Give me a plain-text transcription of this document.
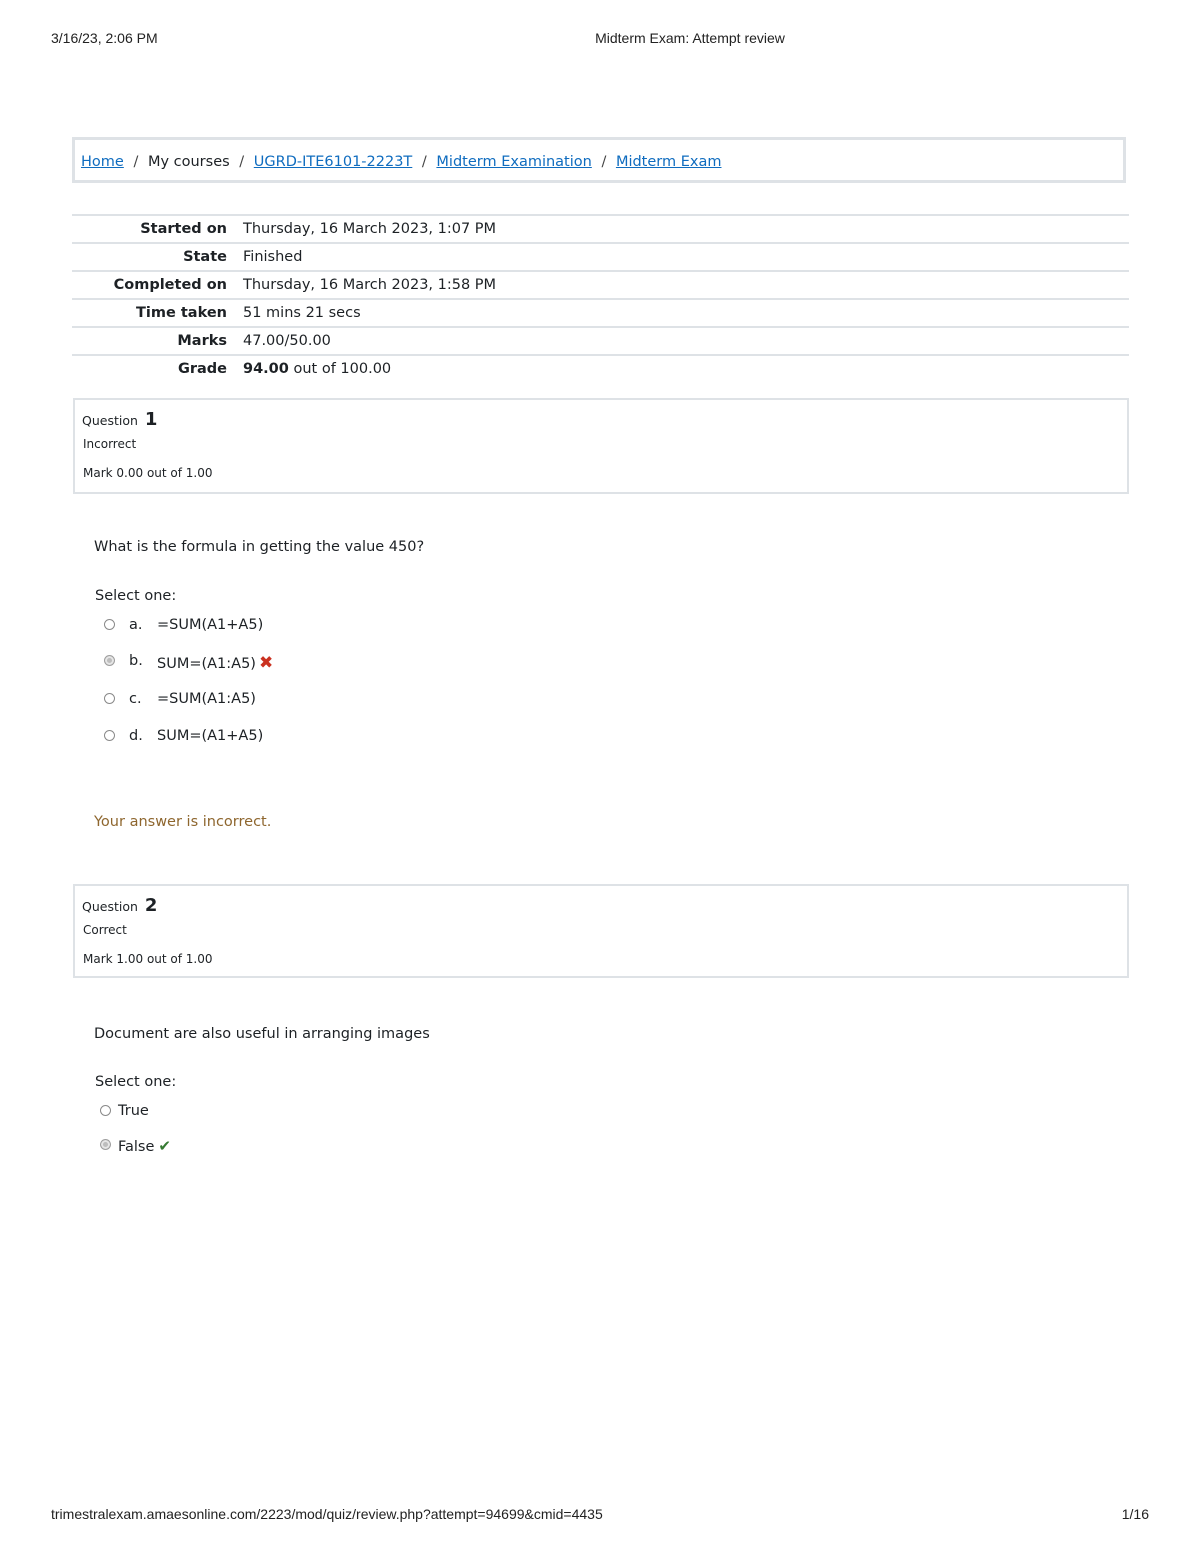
3/16/23, 2:06 PM	Midterm Exam: Attempt review
Home / My courses / UGRD-ITE6101-2223T / Midterm Examination / Midterm Exam
Started on	Thursday, 16 March 2023, 1:07 PM
State	Finished
Completed on	Thursday, 16 March 2023, 1:58 PM
Time taken	51 mins 21 secs
Marks	47.00/50.00
Grade	94.00 out of 100.00
Question 1
Incorrect
Mark 0.00 out of 1.00
What is the formula in getting the value 450?
Select one:
a. =SUM(A1+A5)
b. SUM=(A1:A5) ✖
c. =SUM(A1:A5)
d. SUM=(A1+A5)
Your answer is incorrect.
Question 2
Correct
Mark 1.00 out of 1.00
Document are also useful in arranging images
Select one:
True
False ✔
trimestralexam.amaesonline.com/2223/mod/quiz/review.php?attempt=94699&cmid=4435	1/16
